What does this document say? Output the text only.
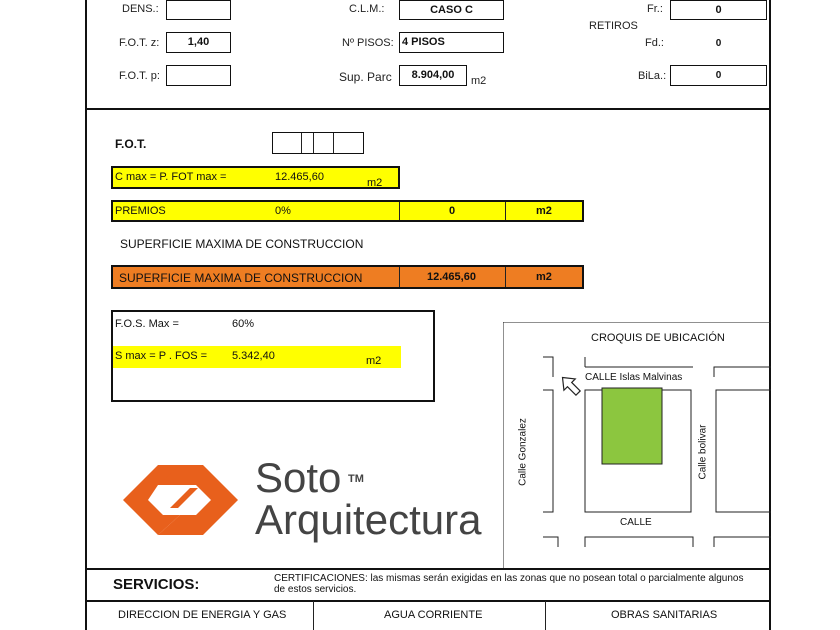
DENS.:
F.O.T. z:	1,40
F.O.T. p:
C.L.M.:	CASO C
Nº PISOS: 4 PISOS
Sup. Parc	8.904,00	m2
RETIROS
Fr.:	0
Fd.:	0
BiLa.:	0
F.O.T.
C max = P. FOT max =	12.465,60	m2
PREMIOS	0%	0	m2
SUPERFICIE MAXIMA DE CONSTRUCCION
SUPERFICIE MAXIMA DE CONSTRUCCION	12.465,60	m2
F.O.S. Max =	60%
S max = P . FOS = 5.342,40	m2
CROQUIS DE UBICACIÓN
CALLE Islas Malvinas
CALLE
Calle Gonzalez	Calle bolivar
Soto TM
Arquitectura
SERVICIOS:	CERTIFICACIONES: las mismas serán exigidas en las zonas que no posean total o parcialmente algunos de estos servicios.
DIRECCION DE ENERGIA Y GAS	AGUA CORRIENTE	OBRAS SANITARIAS
